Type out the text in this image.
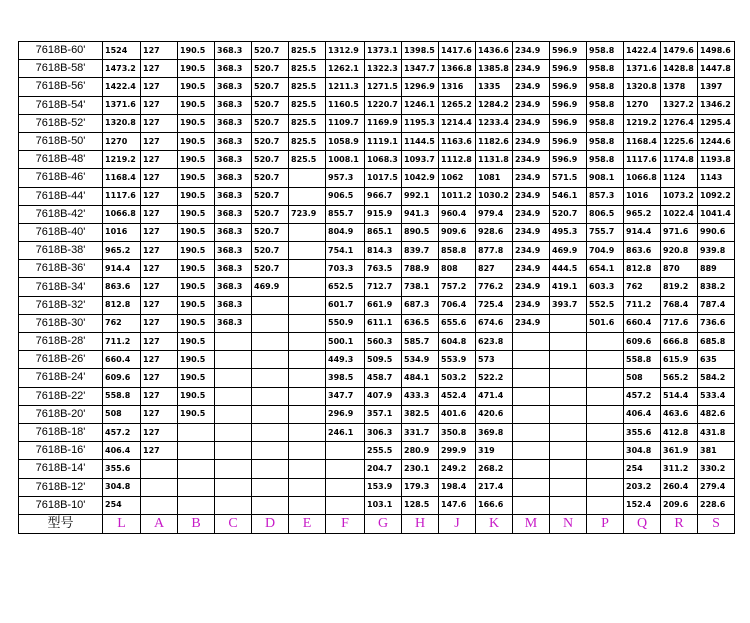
7618B-60'	1524	127	190.5	368.3	520.7	825.5	1312.9	1373.1	1398.5	1417.6	1436.6	234.9	596.9	958.8	1422.4	1479.6	1498.6
7618B-58'	1473.2	127	190.5	368.3	520.7	825.5	1262.1	1322.3	1347.7	1366.8	1385.8	234.9	596.9	958.8	1371.6	1428.8	1447.8
7618B-56'	1422.4	127	190.5	368.3	520.7	825.5	1211.3	1271.5	1296.9	1316	1335	234.9	596.9	958.8	1320.8	1378	1397
7618B-54'	1371.6	127	190.5	368.3	520.7	825.5	1160.5	1220.7	1246.1	1265.2	1284.2	234.9	596.9	958.8	1270	1327.2	1346.2
7618B-52'	1320.8	127	190.5	368.3	520.7	825.5	1109.7	1169.9	1195.3	1214.4	1233.4	234.9	596.9	958.8	1219.2	1276.4	1295.4
7618B-50'	1270	127	190.5	368.3	520.7	825.5	1058.9	1119.1	1144.5	1163.6	1182.6	234.9	596.9	958.8	1168.4	1225.6	1244.6
7618B-48'	1219.2	127	190.5	368.3	520.7	825.5	1008.1	1068.3	1093.7	1112.8	1131.8	234.9	596.9	958.8	1117.6	1174.8	1193.8
7618B-46'	1168.4	127	190.5	368.3	520.7		957.3	1017.5	1042.9	1062	1081	234.9	571.5	908.1	1066.8	1124	1143
7618B-44'	1117.6	127	190.5	368.3	520.7		906.5	966.7	992.1	1011.2	1030.2	234.9	546.1	857.3	1016	1073.2	1092.2
7618B-42'	1066.8	127	190.5	368.3	520.7	723.9	855.7	915.9	941.3	960.4	979.4	234.9	520.7	806.5	965.2	1022.4	1041.4
7618B-40'	1016	127	190.5	368.3	520.7		804.9	865.1	890.5	909.6	928.6	234.9	495.3	755.7	914.4	971.6	990.6
7618B-38'	965.2	127	190.5	368.3	520.7		754.1	814.3	839.7	858.8	877.8	234.9	469.9	704.9	863.6	920.8	939.8
7618B-36'	914.4	127	190.5	368.3	520.7		703.3	763.5	788.9	808	827	234.9	444.5	654.1	812.8	870	889
7618B-34'	863.6	127	190.5	368.3	469.9		652.5	712.7	738.1	757.2	776.2	234.9	419.1	603.3	762	819.2	838.2
7618B-32'	812.8	127	190.5	368.3			601.7	661.9	687.3	706.4	725.4	234.9	393.7	552.5	711.2	768.4	787.4
7618B-30'	762	127	190.5	368.3			550.9	611.1	636.5	655.6	674.6	234.9		501.6	660.4	717.6	736.6
7618B-28'	711.2	127	190.5				500.1	560.3	585.7	604.8	623.8				609.6	666.8	685.8
7618B-26'	660.4	127	190.5				449.3	509.5	534.9	553.9	573				558.8	615.9	635
7618B-24'	609.6	127	190.5				398.5	458.7	484.1	503.2	522.2				508	565.2	584.2
7618B-22'	558.8	127	190.5				347.7	407.9	433.3	452.4	471.4				457.2	514.4	533.4
7618B-20'	508	127	190.5				296.9	357.1	382.5	401.6	420.6				406.4	463.6	482.6
7618B-18'	457.2	127					246.1	306.3	331.7	350.8	369.8				355.6	412.8	431.8
7618B-16'	406.4	127						255.5	280.9	299.9	319				304.8	361.9	381
7618B-14'	355.6							204.7	230.1	249.2	268.2				254	311.2	330.2
7618B-12'	304.8							153.9	179.3	198.4	217.4				203.2	260.4	279.4
7618B-10'	254							103.1	128.5	147.6	166.6				152.4	209.6	228.6
型号	L	A	B	C	D	E	F	G	H	J	K	M	N	P	Q	R	S
